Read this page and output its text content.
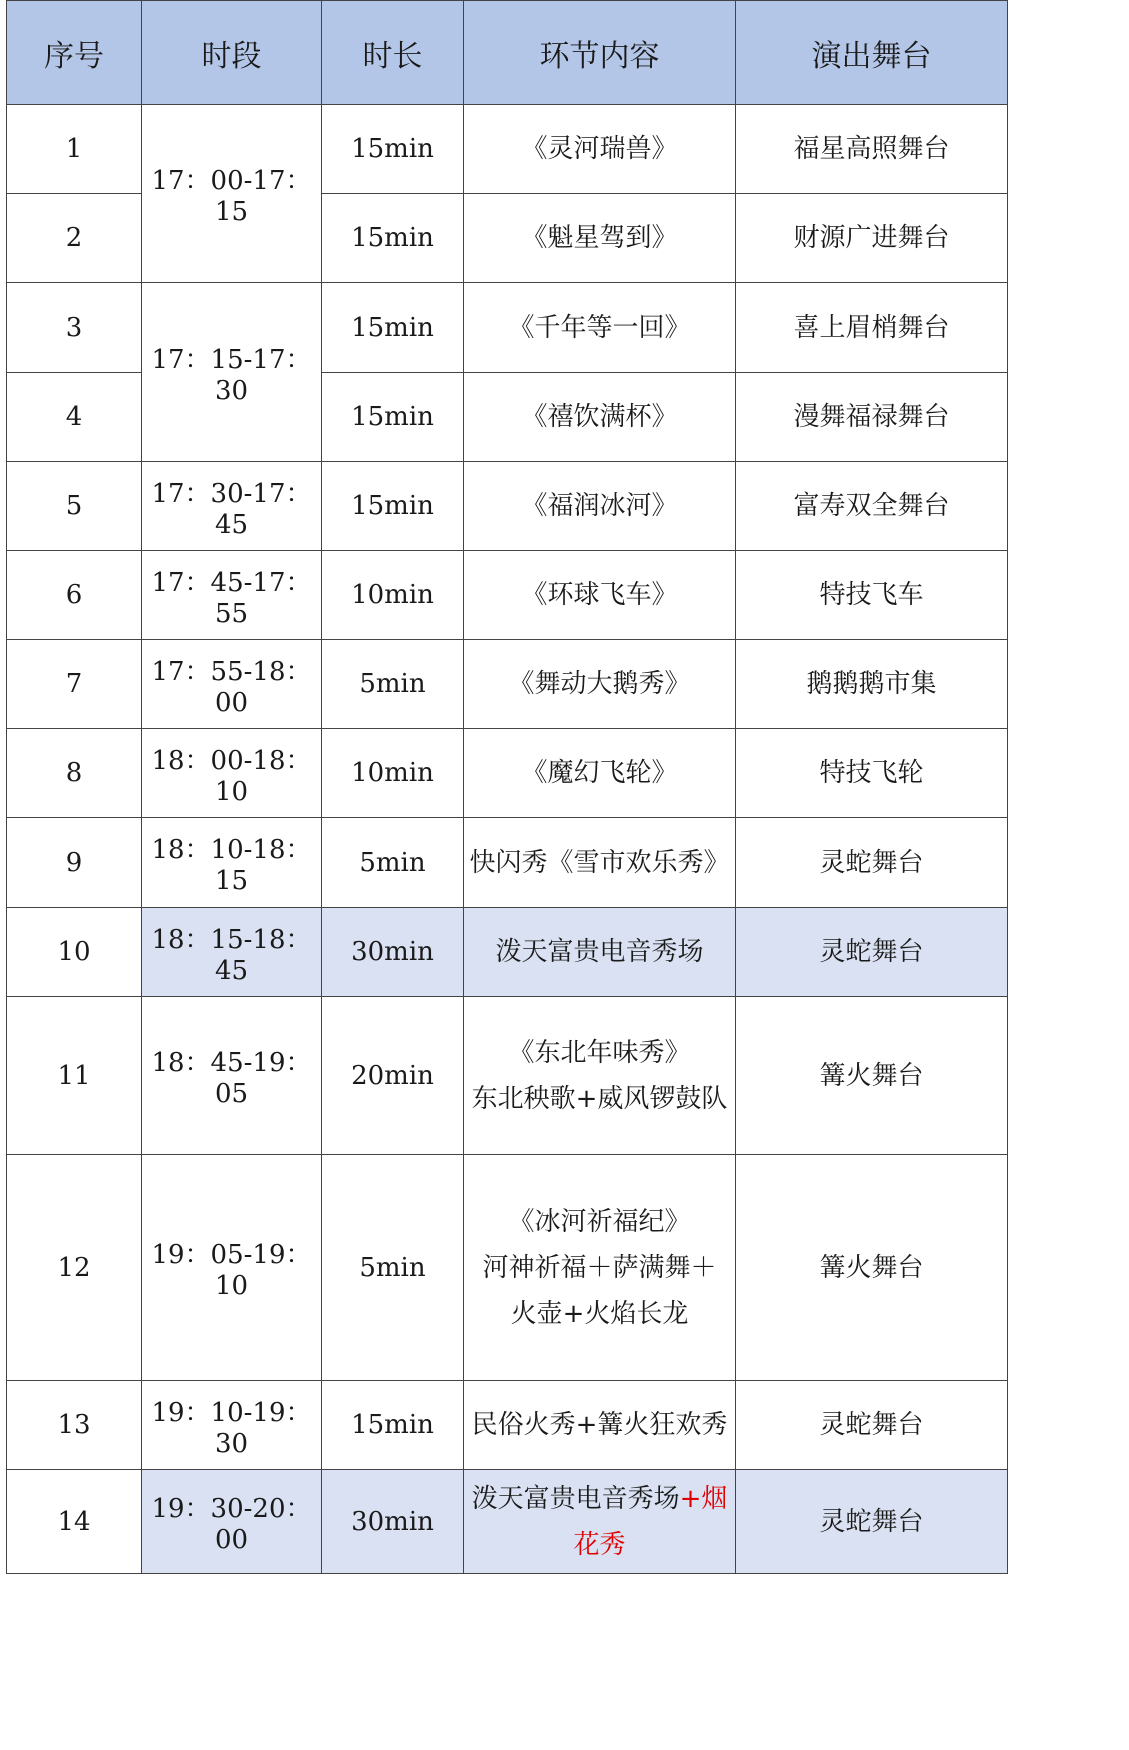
序号	时段	时长	环节内容	演出舞台
1	17：00-17：15	15min	《灵河瑞兽》	福星高照舞台
2		15min	《魁星驾到》	财源广进舞台
3	17：15-17：30	15min	《千年等一回》	喜上眉梢舞台
4		15min	《禧饮满杯》	漫舞福禄舞台
5	17：30-17：45	15min	《福润冰河》	富寿双全舞台
6	17：45-17：55	10min	《环球飞车》	特技飞车
7	17：55-18：00	5min	《舞动大鹅秀》	鹅鹅鹅市集
8	18：00-18：10	10min	《魔幻飞轮》	特技飞轮
9	18：10-18：15	5min	快闪秀《雪市欢乐秀》	灵蛇舞台
10	18：15-18：45	30min	泼天富贵电音秀场	灵蛇舞台
11	18：45-19：05	20min	《东北年味秀》
东北秧歌+威风锣鼓队	篝火舞台
12	19：05-19：10	5min	《冰河祈福纪》
河神祈福＋萨满舞＋
火壶+火焰长龙	篝火舞台
13	19：10-19：30	15min	民俗火秀+篝火狂欢秀	灵蛇舞台
14	19：30-20：00	30min	泼天富贵电音秀场+烟
花秀	灵蛇舞台
